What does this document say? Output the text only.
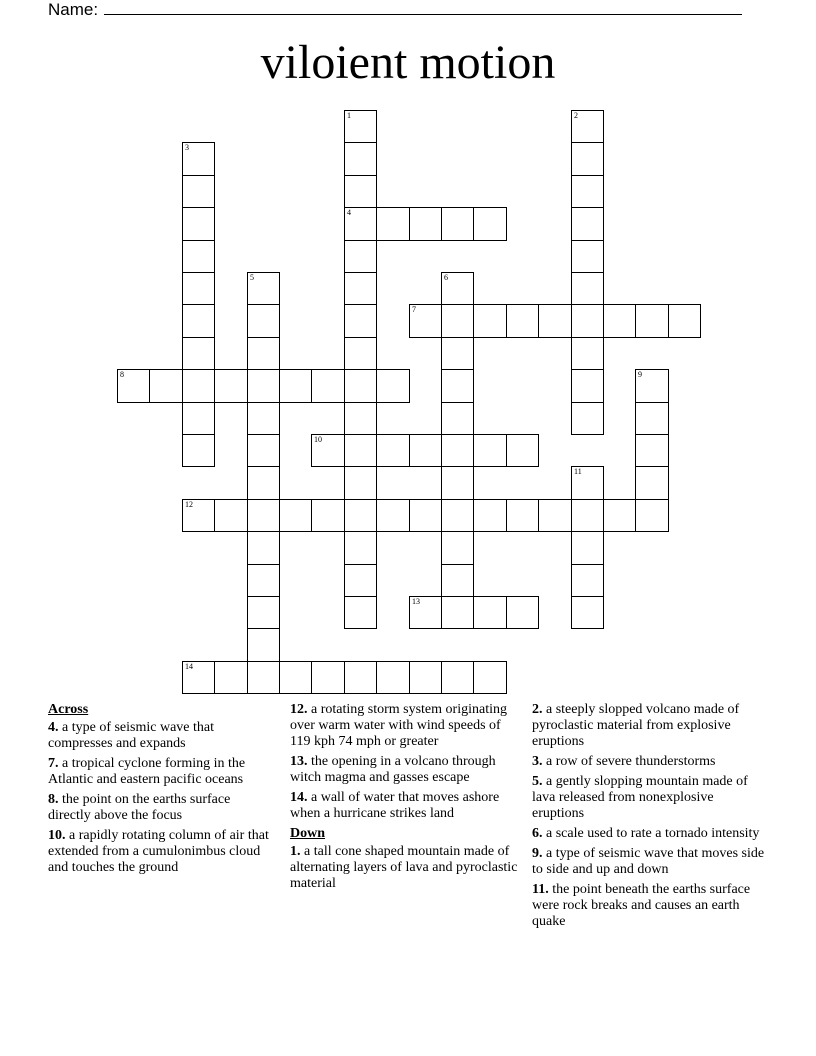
Name:
viloient motion
1
4
2
3
5	6
7
8	9
10
11
12
13
14
Across
4. a type of seismic wave that compresses and expands
7. a tropical cyclone forming in the Atlantic and eastern pacific oceans
8. the point on the earths surface directly above the focus
10. a rapidly rotating column of air that extended from a cumulonimbus cloud and touches the ground
12. a rotating storm system originating over warm water with wind speeds of 119 kph 74 mph or greater
13. the opening in a volcano through witch magma and gasses escape
14. a wall of water that moves ashore when a hurricane strikes land
Down
1. a tall cone shaped mountain made of alternating layers of lava and pyroclastic material
2. a steeply slopped volcano made of pyroclastic material from explosive eruptions
3. a row of severe thunderstorms
5. a gently slopping mountain made of lava released from nonexplosive eruptions
6. a scale used to rate a tornado intensity
9. a type of seismic wave that moves side to side and up and down
11. the point beneath the earths surface were rock breaks and causes an earth quake
